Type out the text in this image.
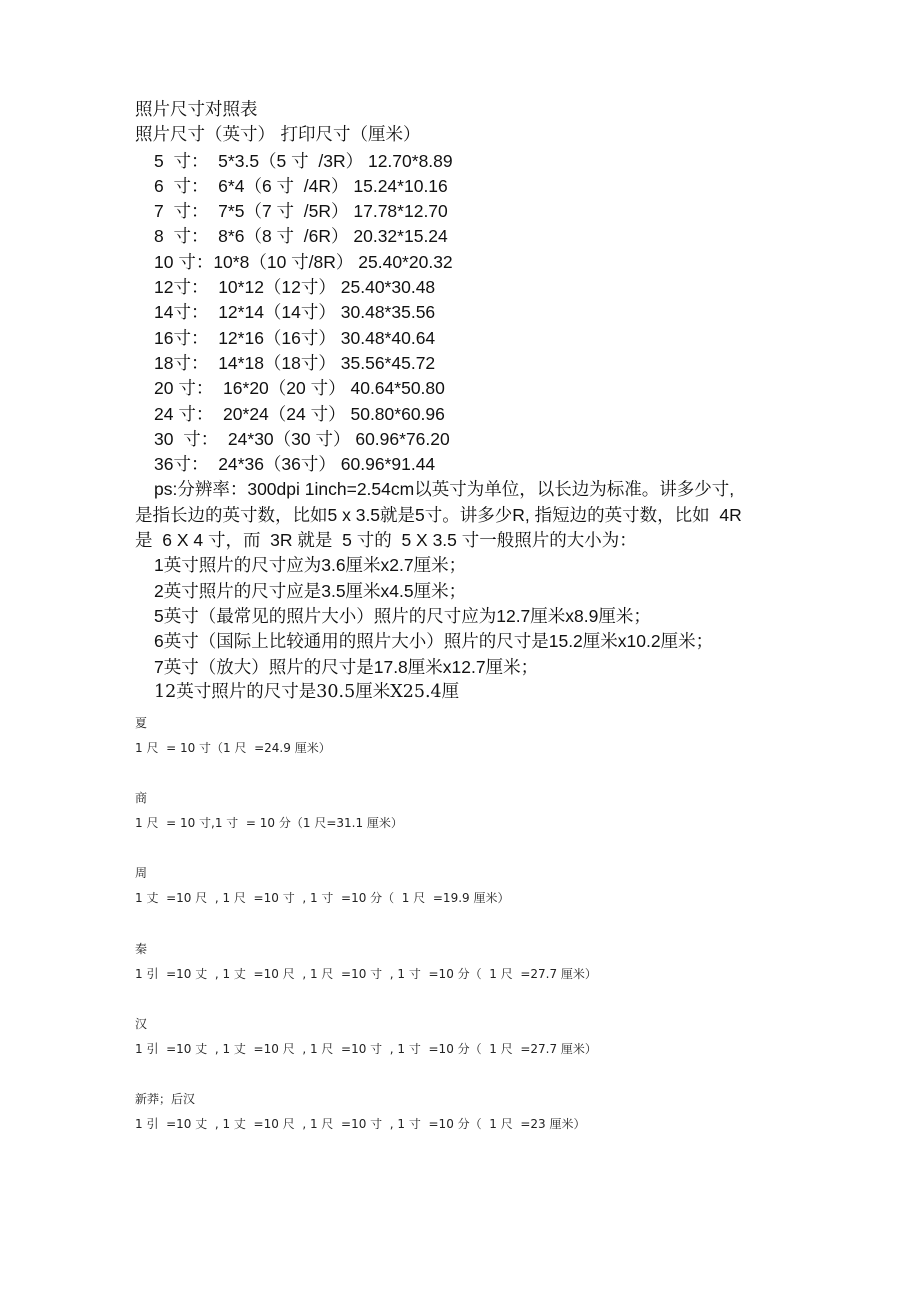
照片尺寸对照表
照片尺寸（英寸） 打印尺寸（厘米）
5  寸：  5*3.5（5 寸  /3R） 12.70*8.89
6  寸：  6*4（6 寸  /4R） 15.24*10.16
7  寸：  7*5（7 寸  /5R） 17.78*12.70
8  寸：  8*6（8 寸  /6R） 20.32*15.24
10 寸：10*8（10 寸/8R） 25.40*20.32
12寸：  10*12（12寸） 25.40*30.48
14寸：  12*14（14寸） 30.48*35.56
16寸：  12*16（16寸） 30.48*40.64
18寸：  14*18（18寸） 35.56*45.72
20 寸：  16*20（20 寸） 40.64*50.80
24 寸：  20*24（24 寸） 50.80*60.96
30  寸：  24*30（30 寸） 60.96*76.20
36寸：  24*36（36寸） 60.96*91.44
ps:分辨率：300dpi 1inch=2.54cm以英寸为单位，以长边为标准。讲多少寸,
是指长边的英寸数，比如5 x 3.5就是5寸。讲多少R, 指短边的英寸数，比如  4R
是  6 X 4 寸，而  3R 就是  5 寸的  5 X 3.5 寸一般照片的大小为：
1英寸照片的尺寸应为3.6厘米x2.7厘米；
2英寸照片的尺寸应是3.5厘米x4.5厘米；
5英寸（最常见的照片大小）照片的尺寸应为12.7厘米x8.9厘米；
6英寸（国际上比较通用的照片大小）照片的尺寸是15.2厘米x10.2厘米；
7英寸（放大）照片的尺寸是17.8厘米x12.7厘米；
12英寸照片的尺寸是30.5厘米X25.4厘
夏
1 尺  = 10 寸（1 尺  =24.9 厘米）
商
1 尺  = 10 寸,1 寸  = 10 分（1 尺=31.1 厘米）
周
1 丈  =10 尺  , 1 尺  =10 寸  , 1 寸  =10 分（  1 尺  =19.9 厘米）
秦
1 引  =10 丈  , 1 丈  =10 尺  , 1 尺  =10 寸  , 1 寸  =10 分（  1 尺  =27.7 厘米）
汉
1 引  =10 丈  , 1 丈  =10 尺  , 1 尺  =10 寸  , 1 寸  =10 分（  1 尺  =27.7 厘米）
新莽；后汉
1 引  =10 丈  , 1 丈  =10 尺  , 1 尺  =10 寸  , 1 寸  =10 分（  1 尺  =23 厘米）
